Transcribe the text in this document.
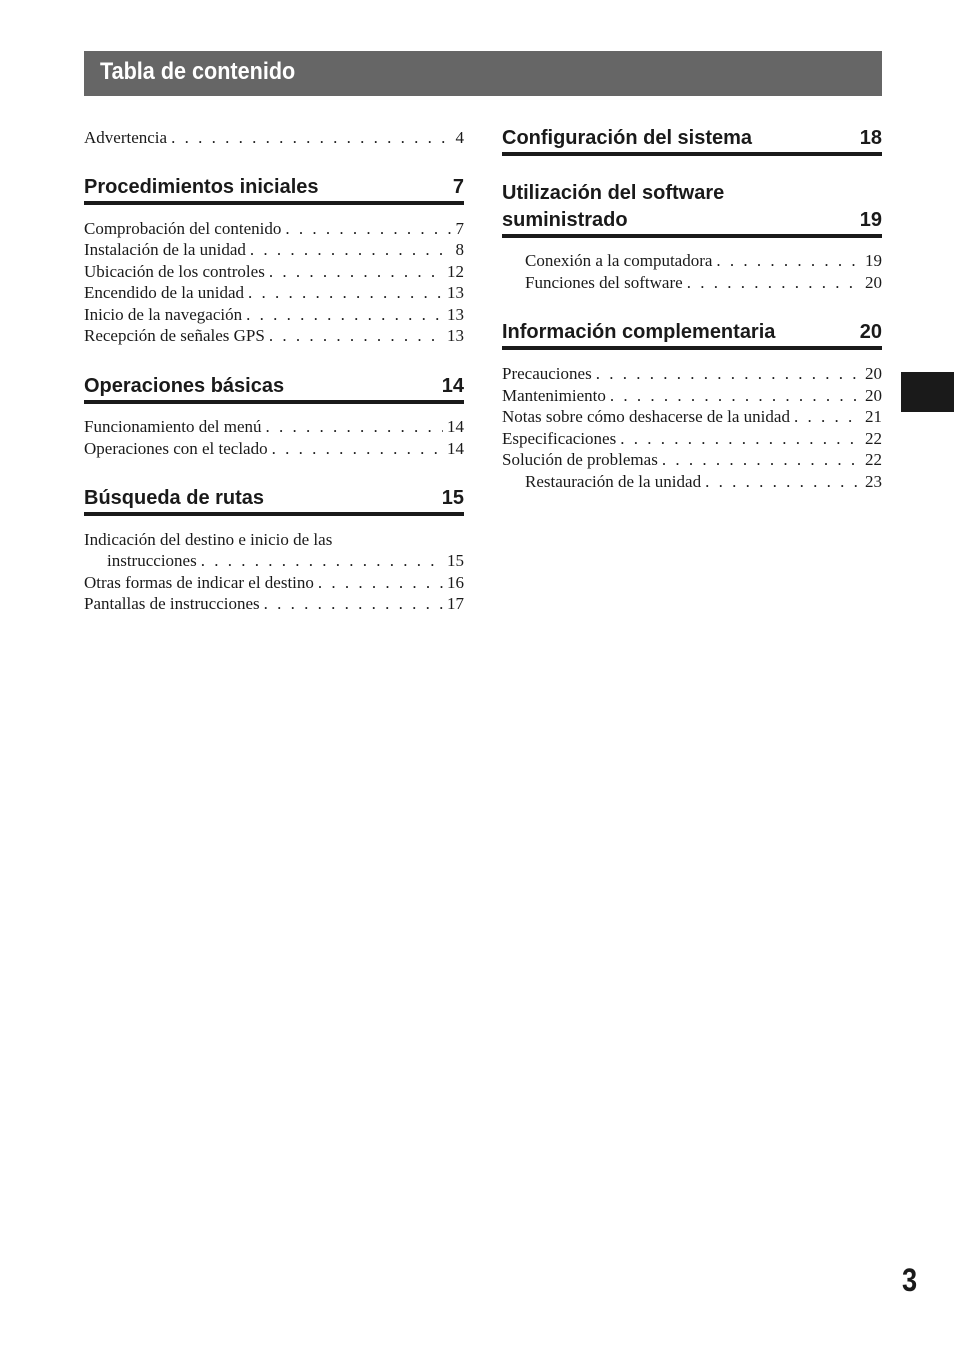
Tabla de contenido
Advertencia . . .	4
Procedimientos iniciales	7
Comprobación del contenido . . .	7
Instalación de la unidad . . .	8
Ubicación de los controles . . .	12
Encendido de la unidad . . .	13
Inicio de la navegación . . .	13
Recepción de señales GPS . . .	13
Operaciones básicas	14
Funcionamiento del menú . . .	14
Operaciones con el teclado . . .	14
Búsqueda de rutas	15
Indicación del destino e inicio de las
instrucciones . . .	15
Otras formas de indicar el destino . . .	16
Pantallas de instrucciones . . .	17
Configuración del sistema	18
Utilización del software
suministrado	19
Conexión a la computadora . . .	19
Funciones del software . . .	20
Información complementaria	20
Precauciones . . .	20
Mantenimiento . . .	20
Notas sobre cómo deshacerse de la unidad . . .	21
Especificaciones . . .	22
Solución de problemas . . .	22
Restauración de la unidad . . .	23
3
